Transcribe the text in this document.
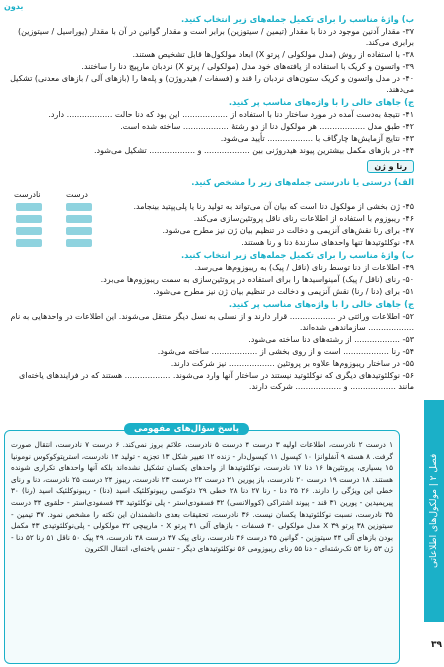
بدون
فصل ۲ | مولکول‌های اطلاعاتی
۳۹
ب) واژهٔ مناسب را برای تکمیل جمله‌های زیر انتخاب کنید.
۳۷- مقدار آدنین موجود در دنا با مقدار (تیمین / سیتوزین) برابر است و مقدار گوانین در آن با مقدار (یوراسیل / سیتوزین) برابری می‌کند.
۳۸- با استفاده از روش (مدل مولکولی / پرتو X) ابعاد مولکول‌ها قابل تشخیص هستند.
۳۹- واتسون و کریک با استفاده از یافته‌های خود مدل (مولکولی / پرتو X) نردبان مارپیچ دنا را ساختند.
۴۰- در مدل واتسون و کریک ستون‌های نردبان را قند و (فسفات / هیدروژن) و پله‌ها را (بازهای آلی / بازهای معدنی) تشکیل می‌دهند.
ج) جاهای خالی را با واژه‌های مناسب پر کنید.
۴۱- نتیجهٔ به‌دست آمده در مورد ساختار دنا با استفاده از .................. این بود که دنا حالت .................. دارد.
۴۲- طبق مدل .................. هر مولکول دنا از دو رشتهٔ .................. ساخته شده است.
۴۳- نتایج آزمایش‌ها چارگاف با .................. تأیید می‌شود.
۴۴- در بازهای مکمل بیشترین پیوند هیدروژنی بین .................. و .................. تشکیل می‌شود.
رنا و ژن
الف) درستی یا نادرستی جمله‌های زیر را مشخص کنید.
درست
نادرست
۴۵- ژن بخشی از مولکول دنا است که بیان آن می‌تواند به تولید رنا یا پلی‌پپتید بینجامد.
۴۶- ریبوزوم با استفاده از اطلاعات رنای ناقل پروتئین‌سازی می‌کند.
۴۷- برای رنا نقش‌های آنزیمی و دخالت در تنظیم بیان ژن نیز مطرح می‌شود.
۴۸- نوکلئوتیدها تنها واحدهای سازندهٔ دنا و رنا هستند.
ب) واژهٔ مناسب را برای تکمیل جمله‌های زیر انتخاب کنید.
۴۹- اطلاعات از دنا توسط رنای (ناقل / پیک) به ریبوزوم‌ها می‌رسد.
۵۰- رنای (ناقل / پیک) آمینواسیدها را برای استفاده در پروتئین‌سازی به سمت ریبوزوم‌ها می‌برد.
۵۱- برای (دنا / رنا) نقش آنزیمی و دخالت در تنظیم بیان ژن نیز مطرح می‌شود.
ج) جاهای خالی را با واژه‌های مناسب پر کنید.
۵۲- اطلاعات وراثتی در .................. قرار دارند و از نسلی به نسل دیگر منتقل می‌شوند. این اطلاعات در واحدهایی به نام .................. سازماندهی شده‌اند.
۵۳- .................. از رشته‌های دنا ساخته می‌شود.
۵۴- رنا .................. است و از روی بخشی از .................. ساخته می‌شود.
۵۵- در ساختار ریبوزوم‌ها علاوه بر پروتئین .................. نیز شرکت دارند.
۵۶- نوکلئوتیدهای دیگری که نوکلئوتید نیستند در ساختار آنها وارد می‌شوند. .................. هستند که در فرایندهای یاخته‌ای مانند .................. و .................. شرکت دارند.
پاسخ سؤال‌های مفهومی
۱ درست ۲ نادرست، اطلاعات اولیه ۳ درست ۴ درست ۵ نادرست، علائم بروز نمی‌کند. ۶ درست ۷ نادرست، انتقال صورت گرفت. ۸ هسته ۹ آنفلوانزا ۱۰ کپسول ۱۱ کپسول‌دار - زنده ۱۲ تغییر شکل ۱۳ تجزیه - تولید ۱۴ نادرست، استرپتوکوکوس نومونیا ۱۵ بسیاری، پروتئین‌ها ۱۶ دنا ۱۷ نادرست، نوکلئوتیدها از واحدهای یکسان تشکیل نشده‌اند بلکه آنها واحدهای تکراری شونده هستند. ۱۸ درست ۱۹ درست ۲۰ نادرست، باز پورین ۲۱ درست ۲۲ درست ۲۳ نادرست، ریبوز ۲۴ درست ۲۵ نادرست، دنا و رنای خطی این ویژگی را دارند. ۲۶ ۲۵ دنا - رنا ۲۷ دنا ۲۸ خطی ۲۹ دئوکسی ریبونوکلئیک اسید (دنا) - ریبونوکلئیک اسید (رنا) ۳۰ پیریمیدین - پورین ۳۱ قند - پیوند اشتراکی (کووالانسی) ۳۲ فسفودی‌استر - پلی نوکلئوتید ۳۳ فسفودی‌استر - حلقوی ۳۴ درست ۳۵ نادرست، نسبت نوکلئوتیدها یکسان نیست. ۳۶ نادرست، تحقیقات بعدی دانشمندان این نکته را مشخص نمود. ۳۷ تیمین - سیتوزین ۳۸ پرتو X ۳۹ مدل مولکولی ۴۰ فسفات - بازهای آلی ۴۱ پرتو X - مارپیچی ۴۲ مولکولی - پلی‌نوکلئوتیدی ۴۳ مکمل بودن بازهای آلی ۴۴ سیتوزین - گوانین ۴۵ درست ۴۶ نادرست، رنای پیک ۴۷ درست ۴۸ نادرست، ۴۹ پیک ۵۰ ناقل ۵۱ رنا ۵۲ دنا - ژن ۵۳ رنا ۵۴ تک‌رشته‌ای - دنا ۵۵ رنای ریبوزومی ۵۶ نوکلئوتیدهای دیگر - تنفس یاخته‌ای، انتقال الکترون
